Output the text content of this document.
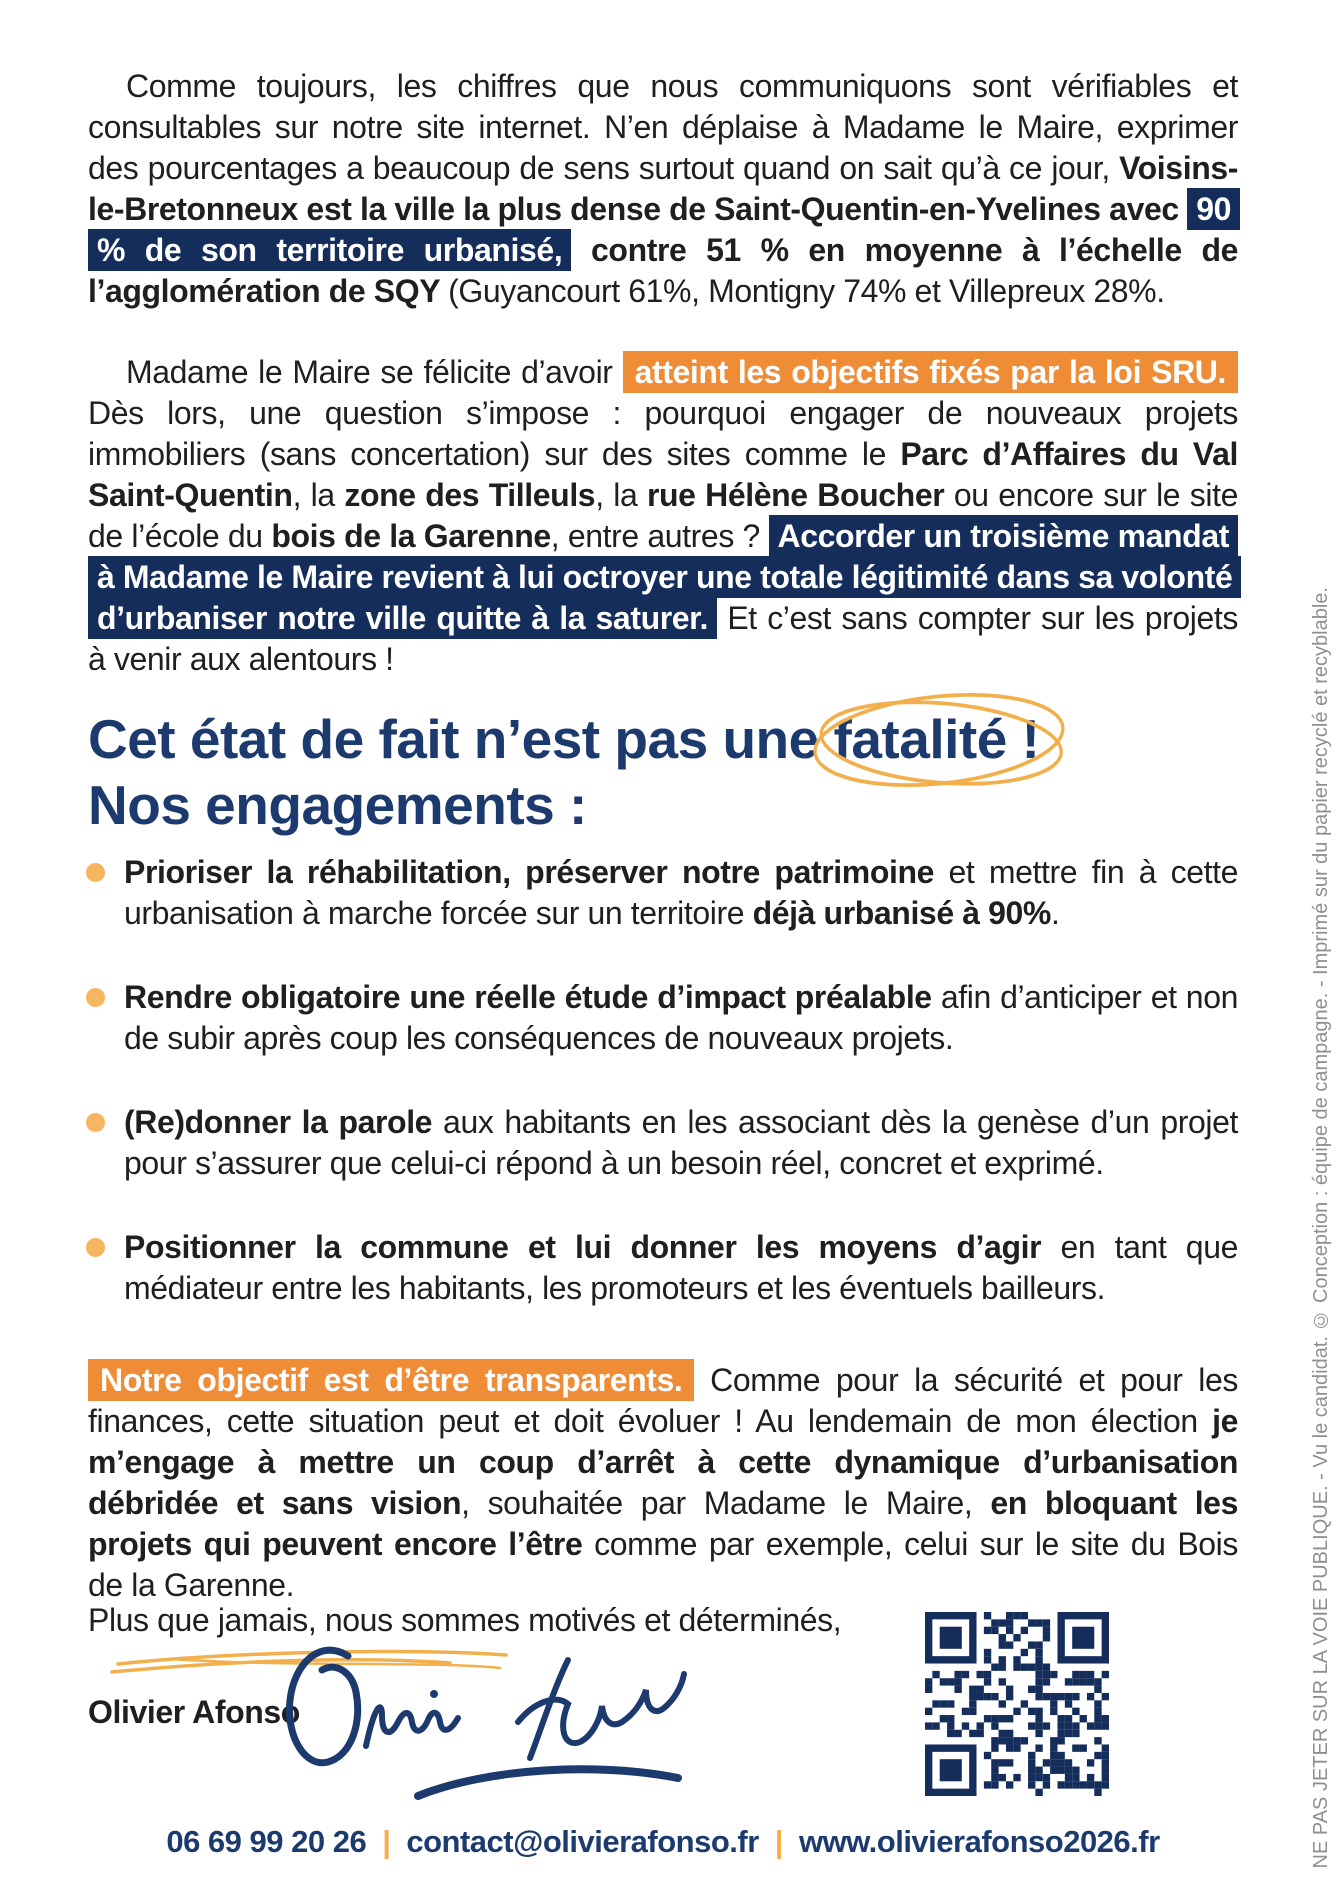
Comme toujours, les chiffres que nous communiquons sont vérifiables et consultables sur notre site internet. N’en déplaise à Madame le Maire, exprimer des pourcentages a beaucoup de sens surtout quand on sait qu’à ce jour, Voisins-le-Bretonneux est la ville la plus dense de Saint-Quentin-en-Yvelines avec 90 % de son territoire urbanisé, contre 51 % en moyenne à l’échelle de l’agglomération de SQY (Guyancourt 61%, Montigny 74% et Villepreux 28%.

Madame le Maire se félicite d’avoir atteint les objectifs fixés par la loi SRU. Dès lors, une question s’impose : pourquoi engager de nouveaux projets immobiliers (sans concertation) sur des sites comme le Parc d’Affaires du Val Saint-Quentin, la zone des Tilleuls, la rue Hélène Boucher ou encore sur le site de l’école du bois de la Garenne, entre autres ? Accorder un troisième mandat à Madame le Maire revient à lui octroyer une totale légitimité dans sa volonté d’urbaniser notre ville quitte à la saturer. Et c’est sans compter sur les projets à venir aux alentours !

Cet état de fait n’est pas une
fatalité !
Nos engagements :
Prioriser la réhabilitation, préserver notre patrimoine et mettre fin à cette urbanisation à marche forcée sur un territoire déjà urbanisé à 90%.
Rendre obligatoire une réelle étude d’impact préalable afin d’anticiper et non de subir après coup les conséquences de nouveaux projets.
(Re)donner la parole aux habitants en les associant dès la genèse d’un projet pour s’assurer que celui-ci répond à un besoin réel, concret et exprimé.
Positionner la commune et lui donner les moyens d’agir en tant que médiateur entre les habitants, les promoteurs et les éventuels bailleurs.

Notre objectif est d’être transparents. Comme pour la sécurité et pour les finances, cette situation peut et doit évoluer ! Au lendemain de mon élection je m’engage à mettre un coup d’arrêt à cette dynamique d’urbanisation débridée et sans vision, souhaitée par Madame le Maire, en bloquant les projets qui peuvent encore l’être comme par exemple, celui sur le site du Bois de la Garenne.

Plus que jamais, nous sommes motivés et déterminés,

Olivier Afonso

06 69 99 20 26 | contact@olivierafonso.fr | www.olivierafonso2026.fr	NE PAS JETER SUR LA VOIE PUBLIQUE. - Vu le candidat. © Conception : équipe de campagne. - Imprimé sur du papier recyclé et recyblable.
